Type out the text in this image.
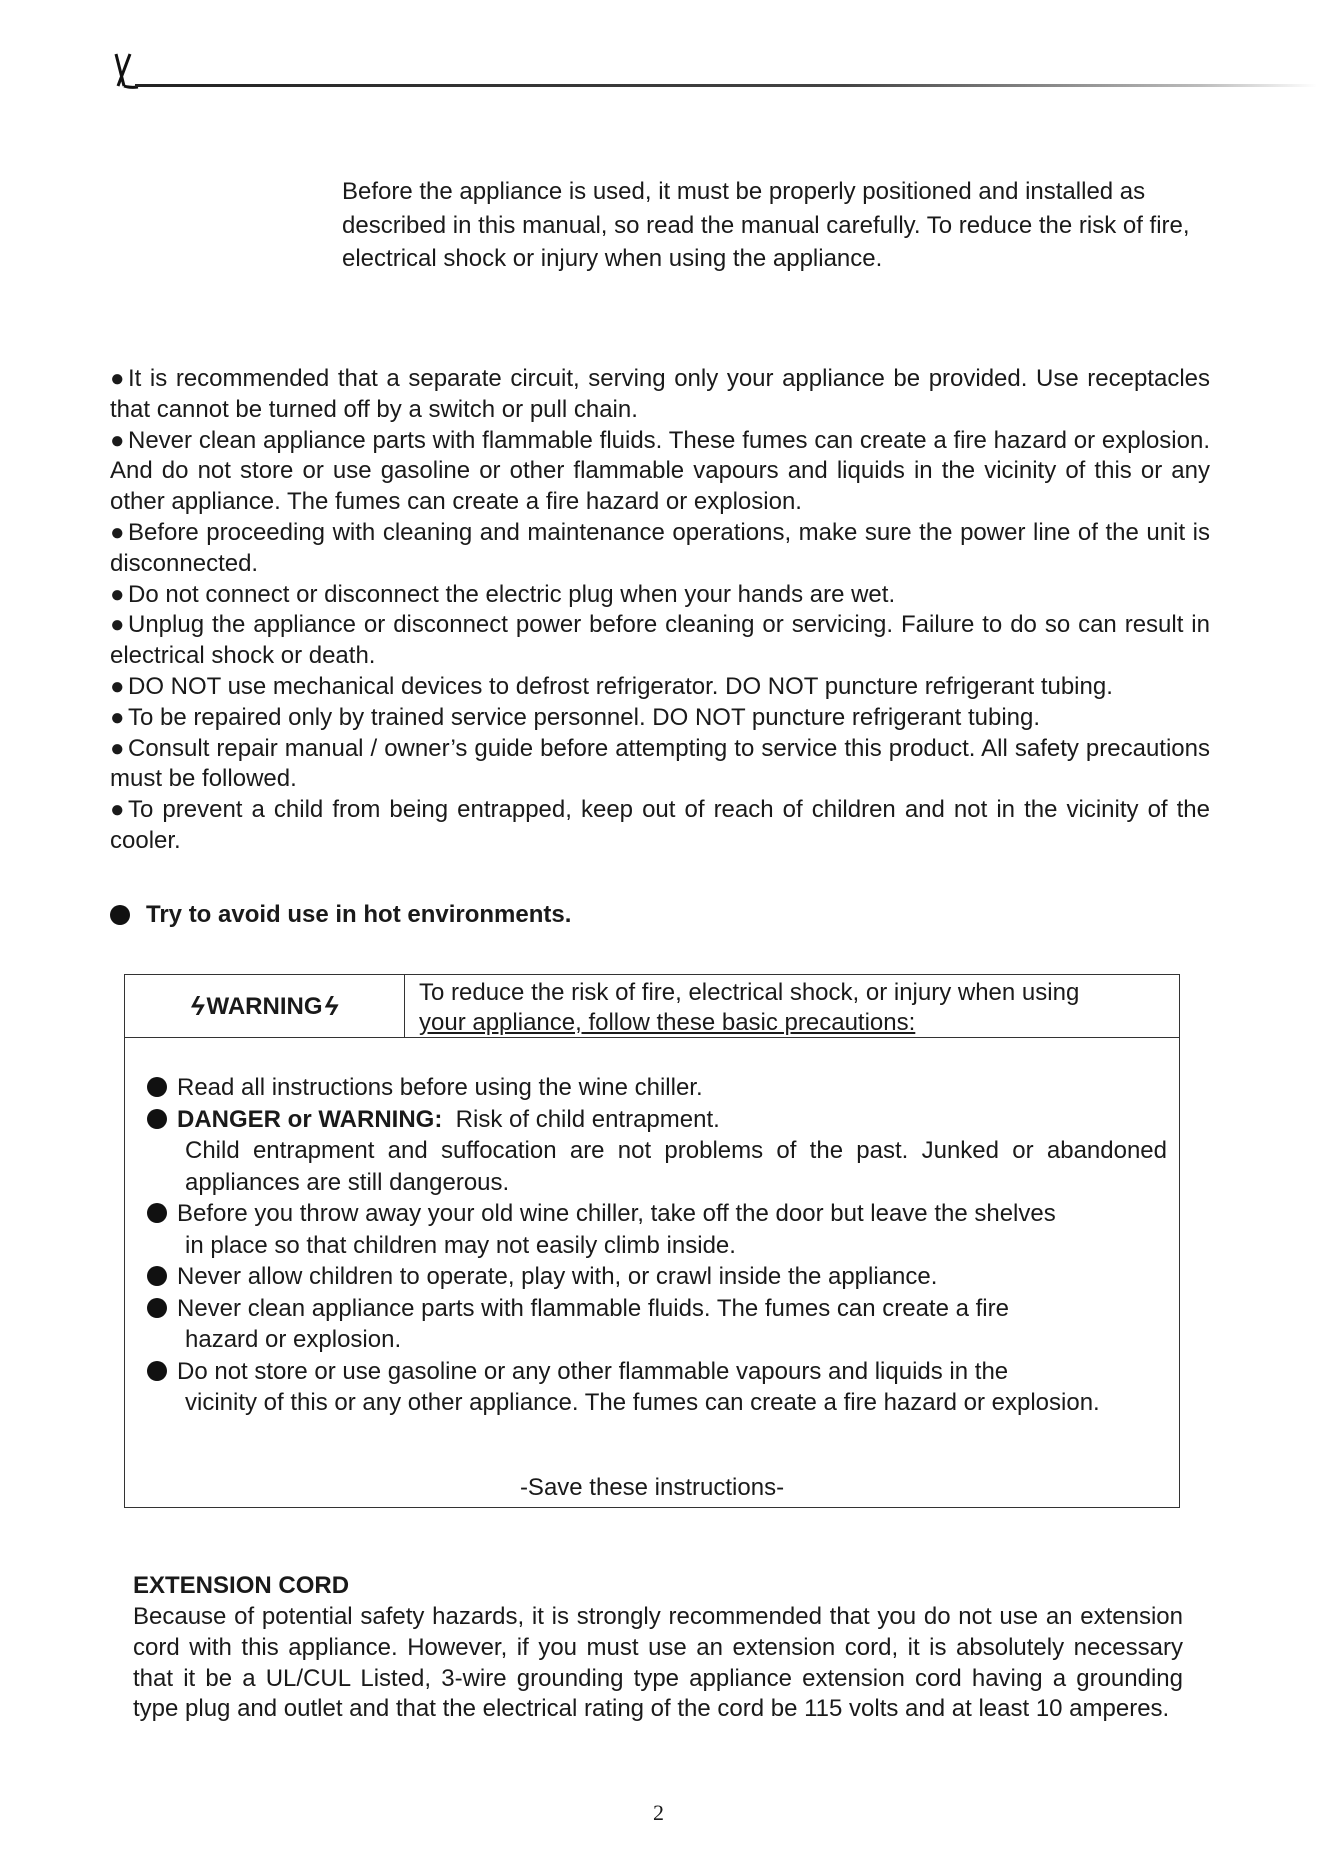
Before the appliance is used, it must be properly positioned and installed as described in this manual, so read the manual carefully. To reduce the risk of fire, electrical shock or injury when using the appliance.

● It is recommended that a separate circuit, serving only your appliance be provided. Use receptacles that cannot be turned off by a switch or pull chain.

● Never clean appliance parts with flammable fluids. These fumes can create a fire hazard or explosion. And do not store or use gasoline or other flammable vapours and liquids in the vicinity of this or any other appliance. The fumes can create a fire hazard or explosion.

● Before proceeding with cleaning and maintenance operations, make sure the power line of the unit is disconnected.

● Do not connect or disconnect the electric plug when your hands are wet.

● Unplug the appliance or disconnect power before cleaning or servicing. Failure to do so can result in electrical shock or death.

● DO NOT use mechanical devices to defrost refrigerator. DO NOT puncture refrigerant tubing.

● To be repaired only by trained service personnel. DO NOT puncture refrigerant tubing.

● Consult repair manual / owner’s guide before attempting to service this product. All safety precautions must be followed.

● To prevent a child from being entrapped, keep out of reach of children and not in the vicinity of the cooler.

Try to avoid use in hot environments.
ϟ WARNING ϟ	To reduce the risk of fire, electrical shock, or injury when using
your appliance, follow these basic precautions:
Read all instructions before using the wine chiller.
DANGER or WARNING: Risk of child entrapment.
Child entrapment and suffocation are not problems of the past. Junked or abandoned appliances are still dangerous.
Before you throw away your old wine chiller, take off the door but leave the shelves
in place so that children may not easily climb inside.
Never allow children to operate, play with, or crawl inside the appliance.
Never clean appliance parts with flammable fluids. The fumes can create a fire
hazard or explosion.
Do not store or use gasoline or any other flammable vapours and liquids in the
vicinity of this or any other appliance. The fumes can create a fire hazard or explosion.
-Save these instructions-
EXTENSION CORD

Because of potential safety hazards, it is strongly recommended that you do not use an extension cord with this appliance. However, if you must use an extension cord, it is absolutely necessary that it be a UL/CUL Listed, 3-wire grounding type appliance extension cord having a grounding type plug and outlet and that the electrical rating of the cord be 115 volts and at least 10 amperes.

2
